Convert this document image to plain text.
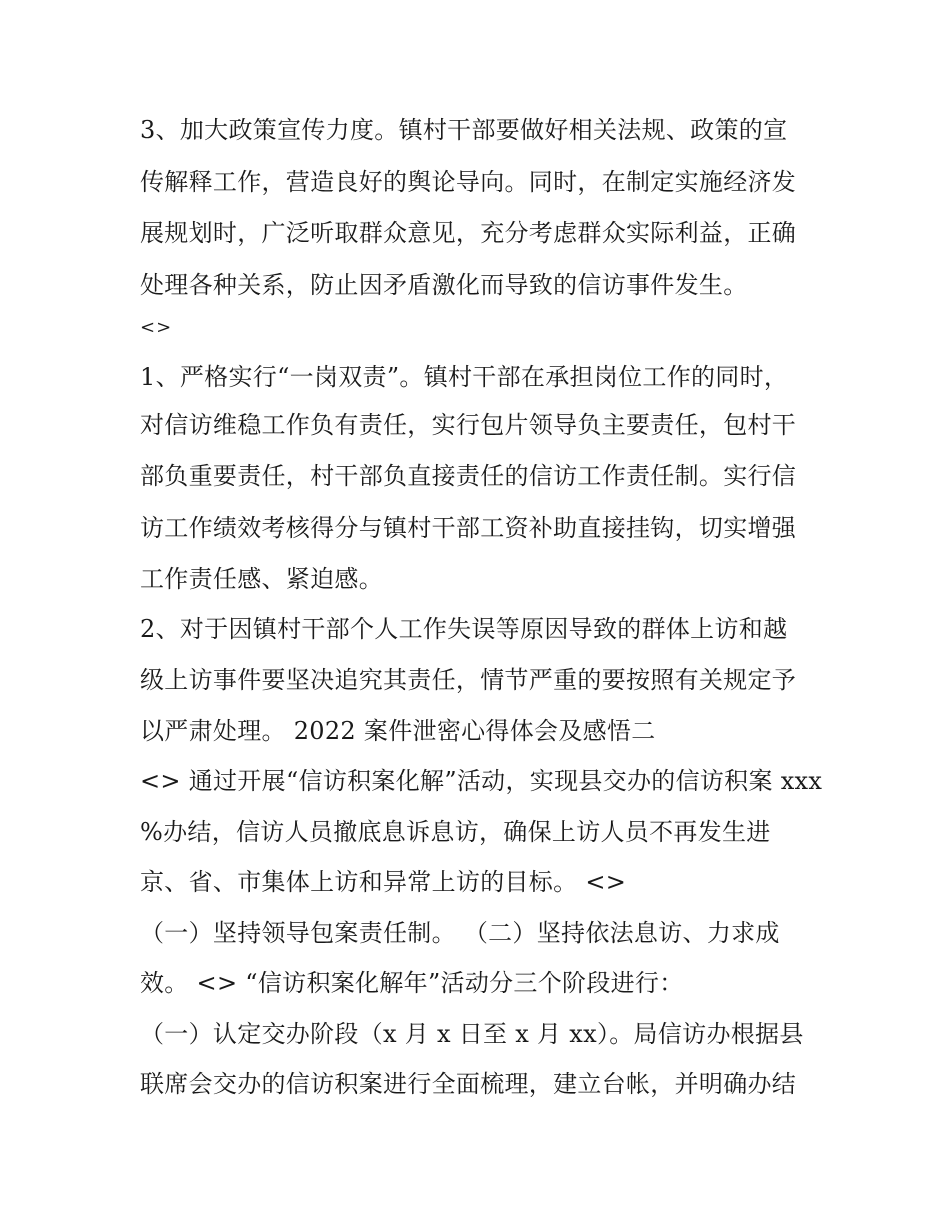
3、加大政策宣传力度。镇村干部要做好相关法规、政策的宣
传解释工作，营造良好的舆论导向。同时，在制定实施经济发
展规划时，广泛听取群众意见，充分考虑群众实际利益，正确
处理各种关系，防止因矛盾激化而导致的信访事件发生。
<>
1、严格实行“一岗双责”。镇村干部在承担岗位工作的同时，
对信访维稳工作负有责任，实行包片领导负主要责任，包村干
部负重要责任，村干部负直接责任的信访工作责任制。实行信
访工作绩效考核得分与镇村干部工资补助直接挂钩，切实增强
工作责任感、紧迫感。
2、对于因镇村干部个人工作失误等原因导致的群体上访和越
级上访事件要坚决追究其责任，情节严重的要按照有关规定予
以严肃处理。 2022 案件泄密心得体会及感悟二
<> 通过开展“信访积案化解”活动，实现县交办的信访积案 xxx
%办结，信访人员撤底息诉息访，确保上访人员不再发生进
京、省、市集体上访和异常上访的目标。 <>
（一）坚持领导包案责任制。 （二）坚持依法息访、力求成
效。 <> “信访积案化解年”活动分三个阶段进行：
（一）认定交办阶段（x 月 x 日至 x 月 xx）。局信访办根据县
联席会交办的信访积案进行全面梳理，建立台帐，并明确办结
